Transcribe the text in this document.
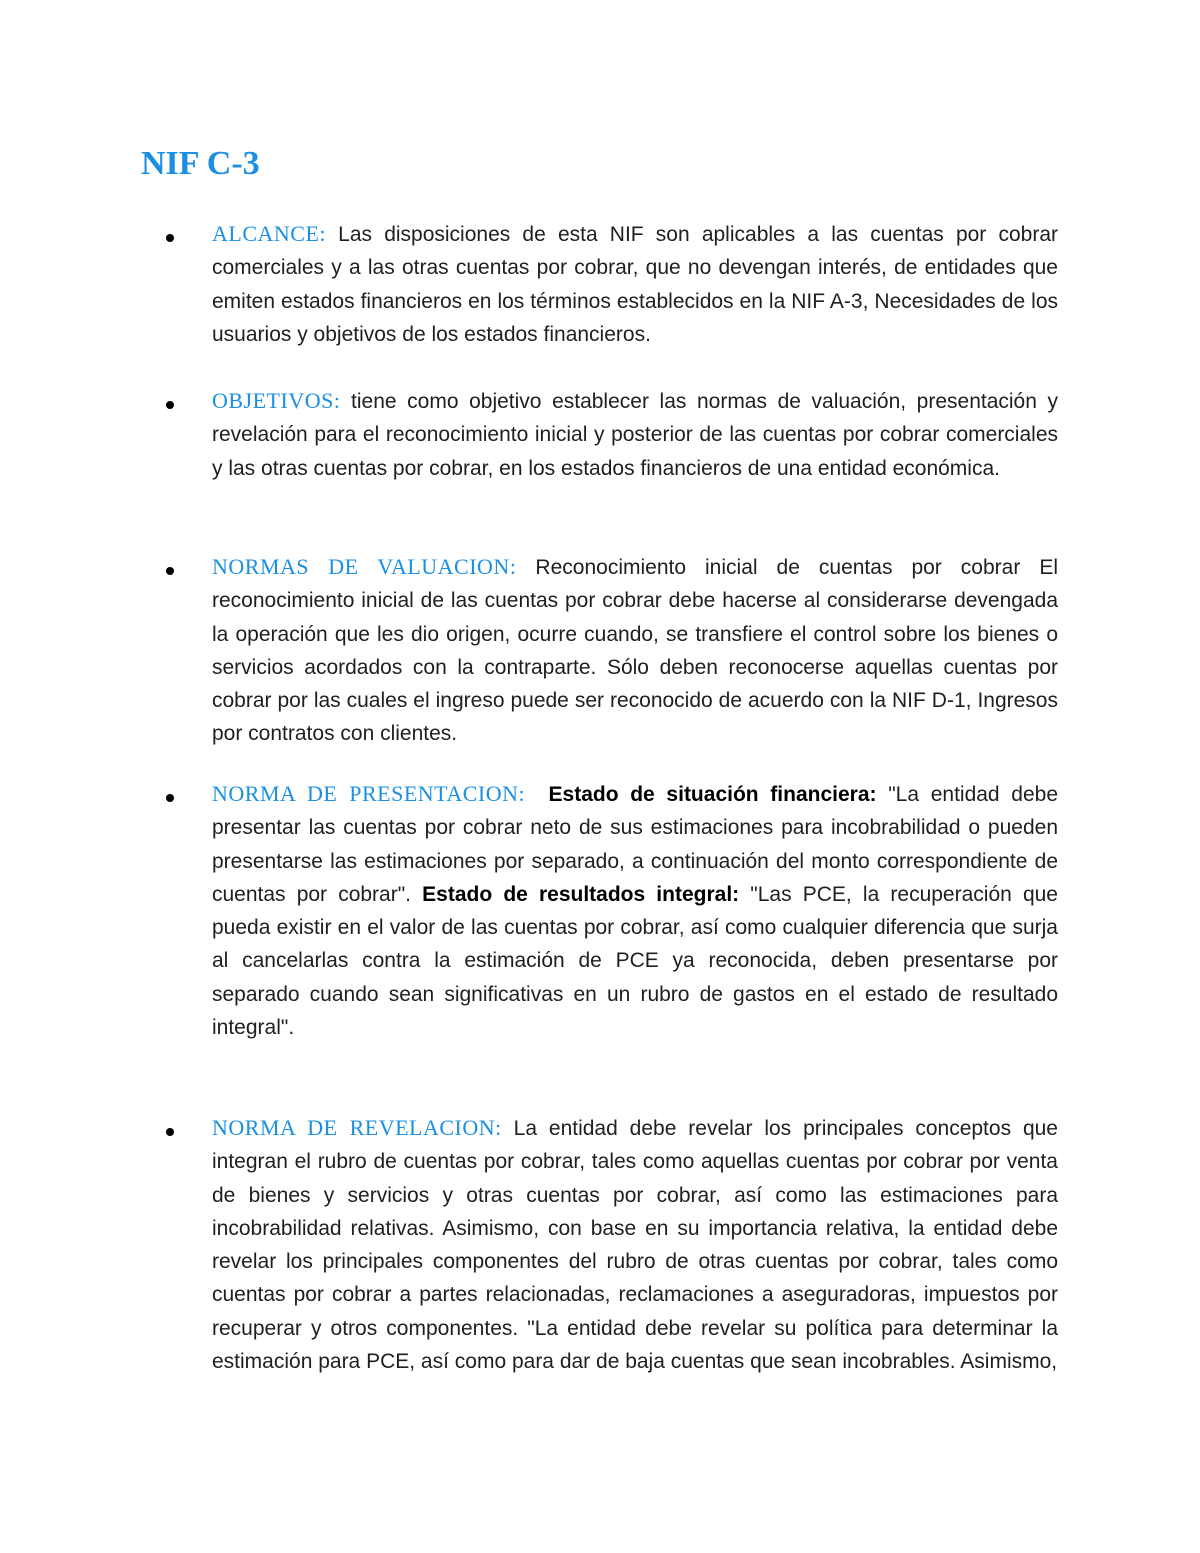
NIF C-3

ALCANCE: Las disposiciones de esta NIF son aplicables a las cuentas por cobrar comerciales y a las otras cuentas por cobrar, que no devengan interés, de entidades que emiten estados financieros en los términos establecidos en la NIF A-3, Necesidades de los usuarios y objetivos de los estados financieros.

OBJETIVOS: tiene como objetivo establecer las normas de valuación, presentación y revelación para el reconocimiento inicial y posterior de las cuentas por cobrar comerciales y las otras cuentas por cobrar, en los estados financieros de una entidad económica.

NORMAS DE VALUACION: Reconocimiento inicial de cuentas por cobrar El reconocimiento inicial de las cuentas por cobrar debe hacerse al considerarse devengada la operación que les dio origen, ocurre cuando, se transfiere el control sobre los bienes o servicios acordados con la contraparte. Sólo deben reconocerse aquellas cuentas por cobrar por las cuales el ingreso puede ser reconocido de acuerdo con la NIF D-1, Ingresos por contratos con clientes.

NORMA DE PRESENTACION: Estado de situación financiera: "La entidad debe presentar las cuentas por cobrar neto de sus estimaciones para incobrabilidad o pueden presentarse las estimaciones por separado, a continuación del monto correspondiente de cuentas por cobrar". Estado de resultados integral: "Las PCE, la recuperación que pueda existir en el valor de las cuentas por cobrar, así como cualquier diferencia que surja al cancelarlas contra la estimación de PCE ya reconocida, deben presentarse por separado cuando sean significativas en un rubro de gastos en el estado de resultado integral".

NORMA DE REVELACION: La entidad debe revelar los principales conceptos que integran el rubro de cuentas por cobrar, tales como aquellas cuentas por cobrar por venta de bienes y servicios y otras cuentas por cobrar, así como las estimaciones para incobrabilidad relativas. Asimismo, con base en su importancia relativa, la entidad debe revelar los principales componentes del rubro de otras cuentas por cobrar, tales como cuentas por cobrar a partes relacionadas, reclamaciones a aseguradoras, impuestos por recuperar y otros componentes. "La entidad debe revelar su política para determinar la estimación para PCE, así como para dar de baja cuentas que sean incobrables. Asimismo,
